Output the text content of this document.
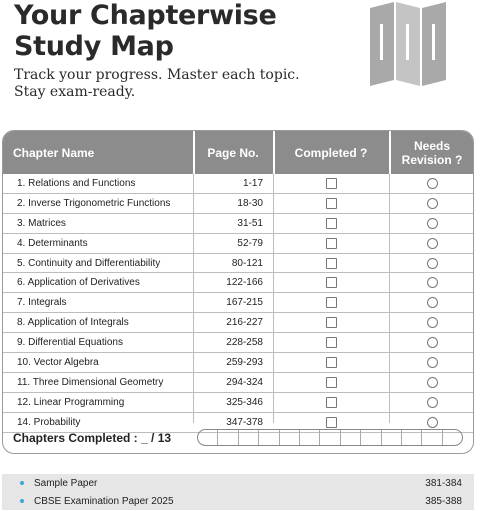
Your Chapterwise
Study Map

Track your progress. Master each topic.
Stay exam-ready.

Chapter Name	Page No.	Completed ?	Needs
Revision ?
1. Relations and Functions	1-17
2. Inverse Trigonometric Functions	18-30
3. Matrices	31-51
4. Determinants	52-79
5. Continuity and Differentiability	80-121
6. Application of Derivatives	122-166
7. Integrals	167-215
8. Application of Integrals	216-227
9. Differential Equations	228-258
10. Vector Algebra	259-293
11. Three Dimensional Geometry	294-324
12. Linear Programming	325-346
14. Probability	347-378
Chapters Completed : _ / 13
Sample Paper	381-384
CBSE Examination Paper 2025	385-388
